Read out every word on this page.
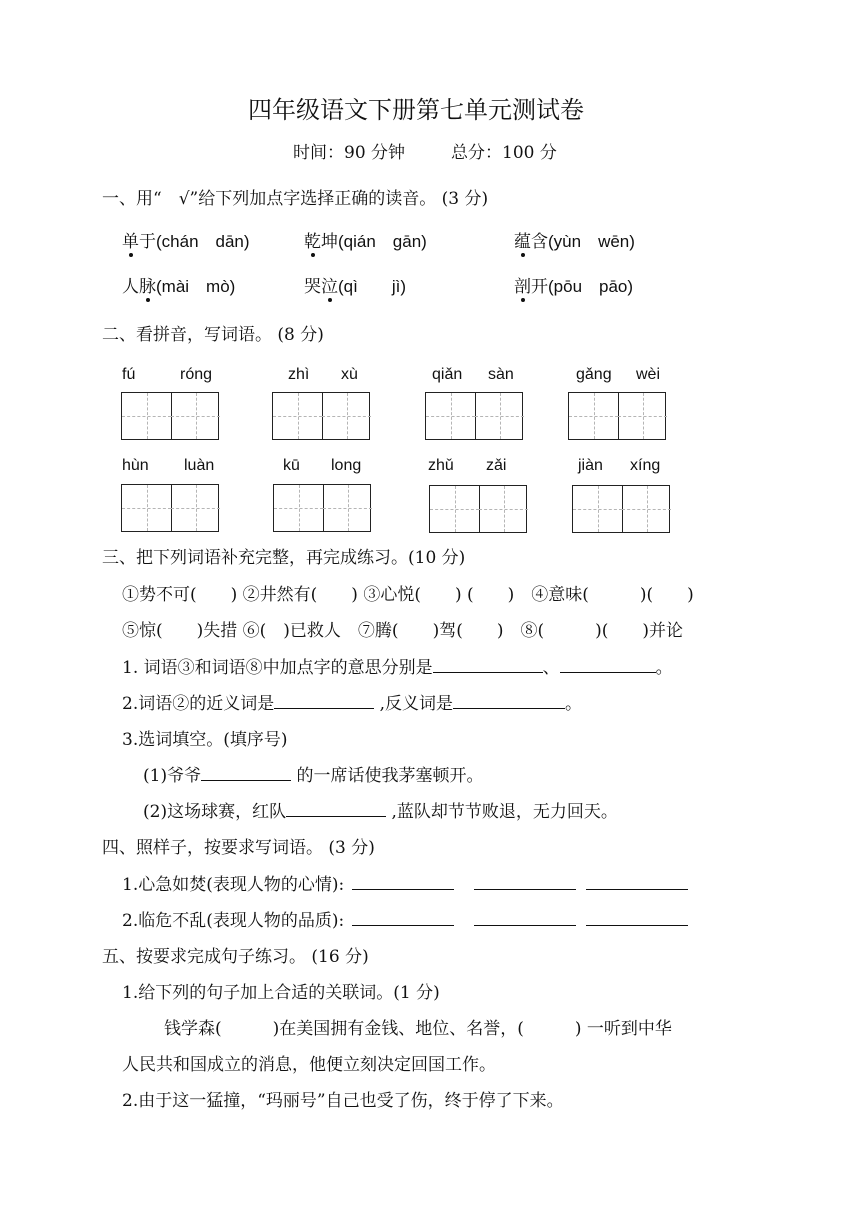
四年级语文下册第七单元测试卷
时间：90 分钟	总分：100 分
一、用“　√”给下列加点字选择正确的读音。 (3 分)
单于(chán　dān)	乾坤(qián　gān)	蕴含(yùn　wēn)
人脉(mài　mò)	哭泣(qì　　jì)	剖开(pōu　pāo)
二、看拼音，写词语。 (8 分)
fú	róng	zhì xù	qiǎn sàn	gǎng wèi
hùn luàn	kū long	zhǔ zǎi	jiàn xíng
三、把下列词语补充完整，再完成练习。(10 分)
①势不可(　　) ②井然有(　　) ③心悦(　　) (　　)　④意味(　　　)(　　)
⑤惊(　　)失措 ⑥(　)已救人　⑦腾(　　)驾(　　)　⑧(　　　)(　　)并论
1. 词语③和词语⑧中加点字的意思分别是	、	。
2.词语②的近义词是	,反义词是	。
3.选词填空。(填序号)
(1)爷爷	的一席话使我茅塞顿开。
(2)这场球赛，红队	,蓝队却节节败退，无力回天。
四、照样子，按要求写词语。 (3 分)
1.心急如焚(表现人物的心情):
2.临危不乱(表现人物的品质):
五、按要求完成句子练习。 (16 分)
1.给下列的句子加上合适的关联词。(1 分)
钱学森(　　　)在美国拥有金钱、地位、名誉，(　　　) 一听到中华
人民共和国成立的消息，他便立刻决定回国工作。
2.由于这一猛撞，“玛丽号”自己也受了伤，终于停了下来。
